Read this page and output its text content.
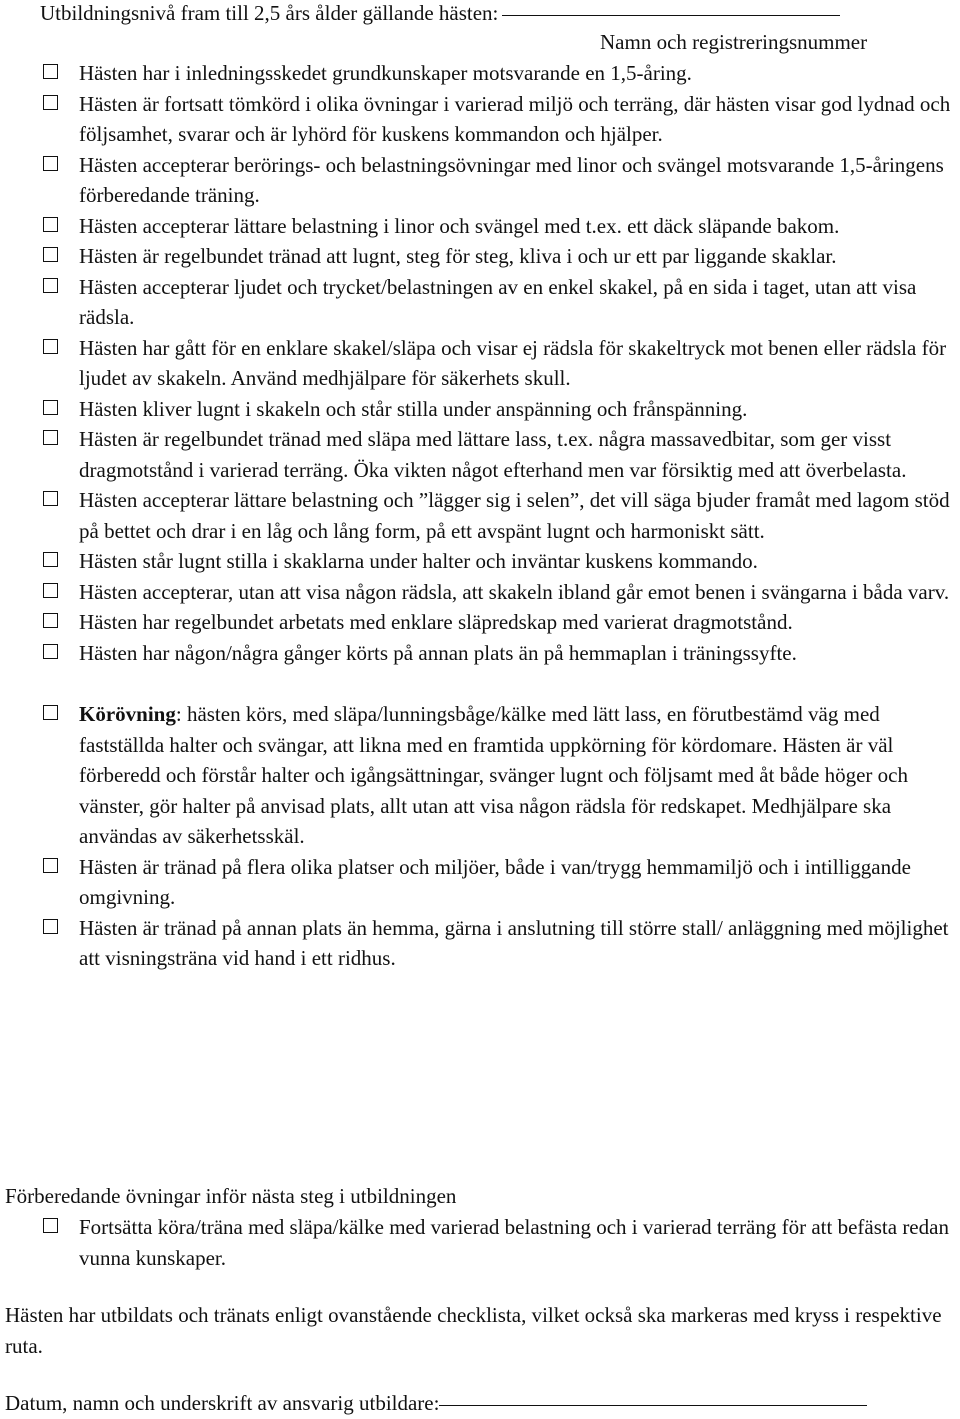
Utbildningsnivå fram till 2,5 års ålder gällande hästen:
Namn och registreringsnummer

Hästen har i inledningsskedet grundkunskaper motsvarande en 1,5-åring.

Hästen är fortsatt tömkörd i olika övningar i varierad miljö och terräng, där hästen visar god lydnad och följsamhet, svarar och är lyhörd för kuskens kommandon och hjälper.

Hästen accepterar berörings- och belastningsövningar med linor och svängel motsvarande 1,5-åringens förberedande träning.

Hästen accepterar lättare belastning i linor och svängel med t.ex. ett däck släpande bakom.

Hästen är regelbundet tränad att lugnt, steg för steg, kliva i och ur ett par liggande skaklar.

Hästen accepterar ljudet och trycket/belastningen av en enkel skakel, på en sida i taget, utan att visa rädsla.

Hästen har gått för en enklare skakel/släpa och visar ej rädsla för skakeltryck mot benen eller rädsla för ljudet av skakeln. Använd medhjälpare för säkerhets skull.

Hästen kliver lugnt i skakeln och står stilla under anspänning och frånspänning.

Hästen är regelbundet tränad med släpa med lättare lass, t.ex. några massavedbitar, som ger visst dragmotstånd i varierad terräng. Öka vikten något efterhand men var försiktig med att överbelasta.

Hästen accepterar lättare belastning och ”lägger sig i selen”, det vill säga bjuder framåt med lagom stöd på bettet och drar i en låg och lång form, på ett avspänt lugnt och harmoniskt sätt.

Hästen står lugnt stilla i skaklarna under halter och inväntar kuskens kommando.

Hästen accepterar, utan att visa någon rädsla, att skakeln ibland går emot benen i svängarna i båda varv.

Hästen har regelbundet arbetats med enklare släpredskap med varierat dragmotstånd.

Hästen har någon/några gånger körts på annan plats än på hemmaplan i träningssyfte.

Körövning: hästen körs, med släpa/lunningsbåge/kälke med lätt lass, en förutbestämd väg med fastställda halter och svängar, att likna med en framtida uppkörning för kördomare. Hästen är väl förberedd och förstår halter och igångsättningar, svänger lugnt och följsamt med åt både höger och vänster, gör halter på anvisad plats, allt utan att visa någon rädsla för redskapet. Medhjälpare ska användas av säkerhetsskäl.

Hästen är tränad på flera olika platser och miljöer, både i van/trygg hemmamiljö och i intilliggande omgivning.

Hästen är tränad på annan plats än hemma, gärna i anslutning till större stall/ anläggning med möjlighet att visningsträna vid hand i ett ridhus.

Förberedande övningar inför nästa steg i utbildningen

Fortsätta köra/träna med släpa/kälke med varierad belastning och i varierad terräng för att befästa redan vunna kunskaper.

Hästen har utbildats och tränats enligt ovanstående checklista, vilket också ska markeras med kryss i respektive ruta.
Datum, namn och underskrift av ansvarig utbildare:
